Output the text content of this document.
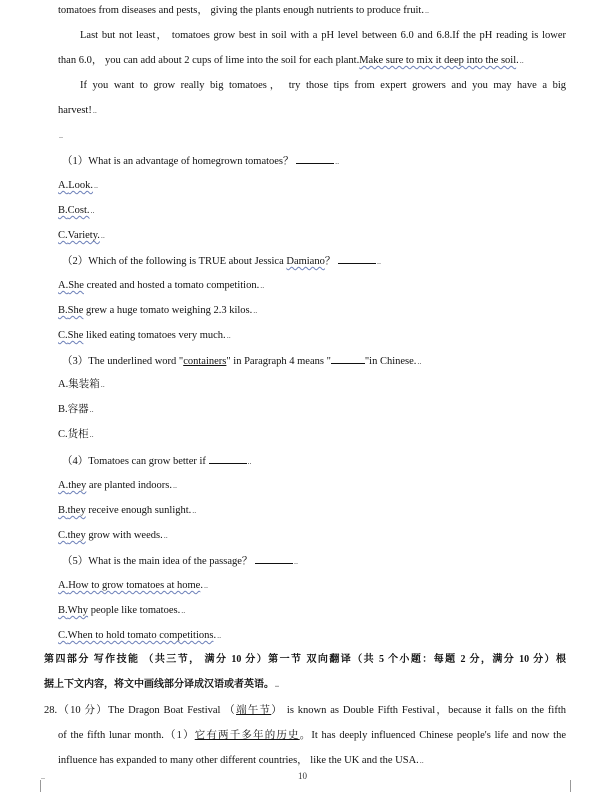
tomatoes from diseases and pests， giving the plants enough nutrients to produce fruit...
Last but not least， tomatoes grow best in soil with a pH level between 6.0 and 6.8.If the pH reading is lower
than 6.0， you can add about 2 cups of lime into the soil for each plant.Make sure to mix it deep into the soil...
If you want to grow really big tomatoes， try those tips from expert growers and you may have a big
harvest!..
..
（1）What is an advantage of homegrown tomatoes？	..
A.Look...
B.Cost...
C.Variety...
（2）Which of the following is TRUE about Jessica Damiano？	..
A.She created and hosted a tomato competition...
B.She grew a huge tomato weighing 2.3 kilos...
C.She liked eating tomatoes very much...
（3）The underlined word "containers" in Paragraph 4 means "	"in Chinese...
A.集装箱..
B.容器..
C.货柜..
（4）Tomatoes can grow better if	..
A.they are planted indoors...
B.they receive enough sunlight...
C.they grow with weeds...
（5）What is the main idea of the passage？	..
A.How to grow tomatoes at home...
B.Why people like tomatoes...
C.When to hold tomato competitions...
第四部分 写作技能 （共三节， 满分 10 分）第一节 双向翻译（共 5 个小题：每题 2 分，满分 10 分）根
据上下文内容，将文中画线部分译成汉语或者英语。..
28.（10 分）The Dragon Boat Festival （端午节） is known as Double Fifth Festival，because it falls on the fifth
of the fifth lunar month.（1）它有两千多年的历史。It has deeply influenced Chinese people's life and now the
influence has expanded to many other different countries， like the UK and the USA...
..	10
